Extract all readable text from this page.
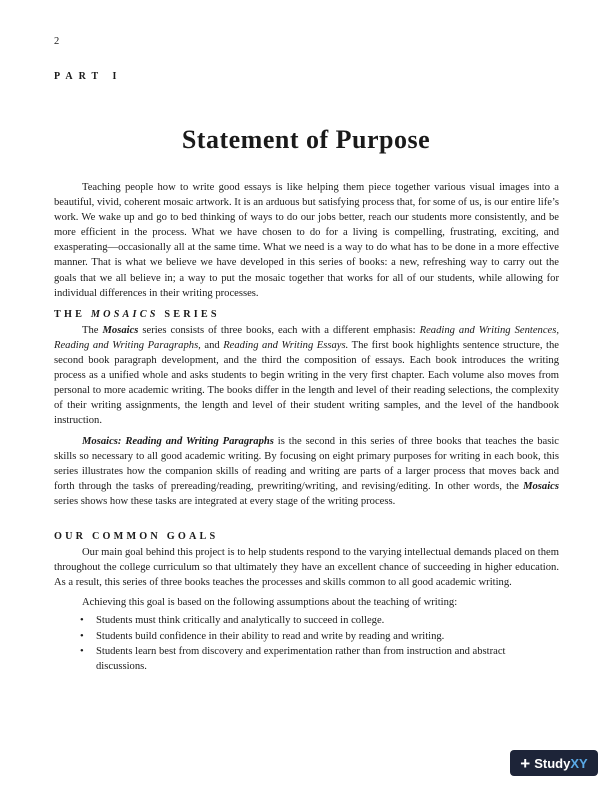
2
PART I
Statement of Purpose

Teaching people how to write good essays is like helping them piece together various visual images into a beautiful, vivid, coherent mosaic artwork. It is an arduous but satisfying process that, for some of us, is our entire life’s work. We wake up and go to bed thinking of ways to do our jobs better, reach our students more consistently, and be more efficient in the process. What we have chosen to do for a living is compelling, frustrating, exciting, and exasperating—occasionally all at the same time. What we need is a way to do what has to be done in a more effective manner. That is what we believe we have developed in this series of books: a new, refreshing way to carry out the goals that we all believe in; a way to put the mosaic together that works for all of our students, while allowing for individual differences in their writing processes.

THE MOSAICS SERIES

The Mosaics series consists of three books, each with a different emphasis: Reading and Writing Sentences, Reading and Writing Paragraphs, and Reading and Writing Essays. The first book highlights sentence structure, the second book paragraph development, and the third the composition of essays. Each book introduces the writing process as a unified whole and asks students to begin writing in the very first chapter. Each volume also moves from personal to more academic writing. The books differ in the length and level of their reading selections, the complexity of their writing assignments, the length and level of their student writing samples, and the level of the handbook instruction.

Mosaics: Reading and Writing Paragraphs is the second in this series of three books that teaches the basic skills so necessary to all good academic writing. By focusing on eight primary purposes for writing in each book, this series illustrates how the companion skills of reading and writing are parts of a larger process that moves back and forth through the tasks of prereading/reading, prewriting/writing, and revising/editing. In other words, the Mosaics series shows how these tasks are integrated at every stage of the writing process.

OUR COMMON GOALS

Our main goal behind this project is to help students respond to the varying intellectual demands placed on them throughout the college curriculum so that ultimately they have an excellent chance of succeeding in higher education. As a result, this series of three books teaches the processes and skills common to all good academic writing.

Achieving this goal is based on the following assumptions about the teaching of writing:

• Students must think critically and analytically to succeed in college.
• Students build confidence in their ability to read and write by reading and writing.
• Students learn best from discovery and experimentation rather than from instruction and abstract discussions.
+ Study XY
